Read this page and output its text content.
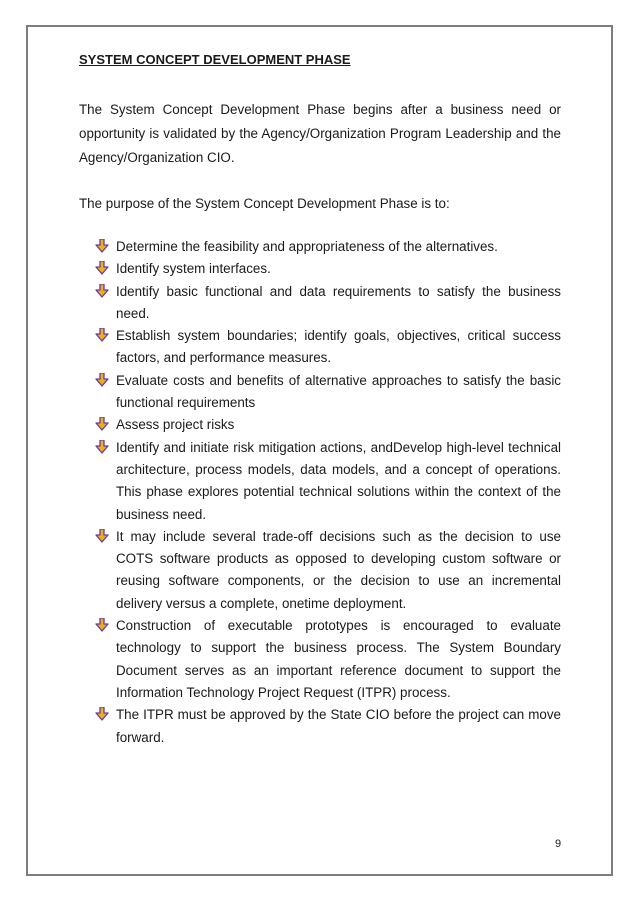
SYSTEM CONCEPT DEVELOPMENT PHASE

The System Concept Development Phase begins after a business need or opportunity is validated by the Agency/Organization Program Leadership and the Agency/Organization CIO.

The purpose of the System Concept Development Phase is to:

Determine the feasibility and appropriateness of the alternatives.
Identify system interfaces.
Identify basic functional and data requirements to satisfy the business need.
Establish system boundaries; identify goals, objectives, critical success factors, and performance measures.
Evaluate costs and benefits of alternative approaches to satisfy the basic functional requirements
Assess project risks
Identify and initiate risk mitigation actions, andDevelop high-level technical architecture, process models, data models, and a concept of operations. This phase explores potential technical solutions within the context of the business need.
It may include several trade-off decisions such as the decision to use COTS software products as opposed to developing custom software or reusing software components, or the decision to use an incremental delivery versus a complete, onetime deployment.
Construction of executable prototypes is encouraged to evaluate technology to support the business process. The System Boundary Document serves as an important reference document to support the Information Technology Project Request (ITPR) process.
The ITPR must be approved by the State CIO before the project can move forward.
9
